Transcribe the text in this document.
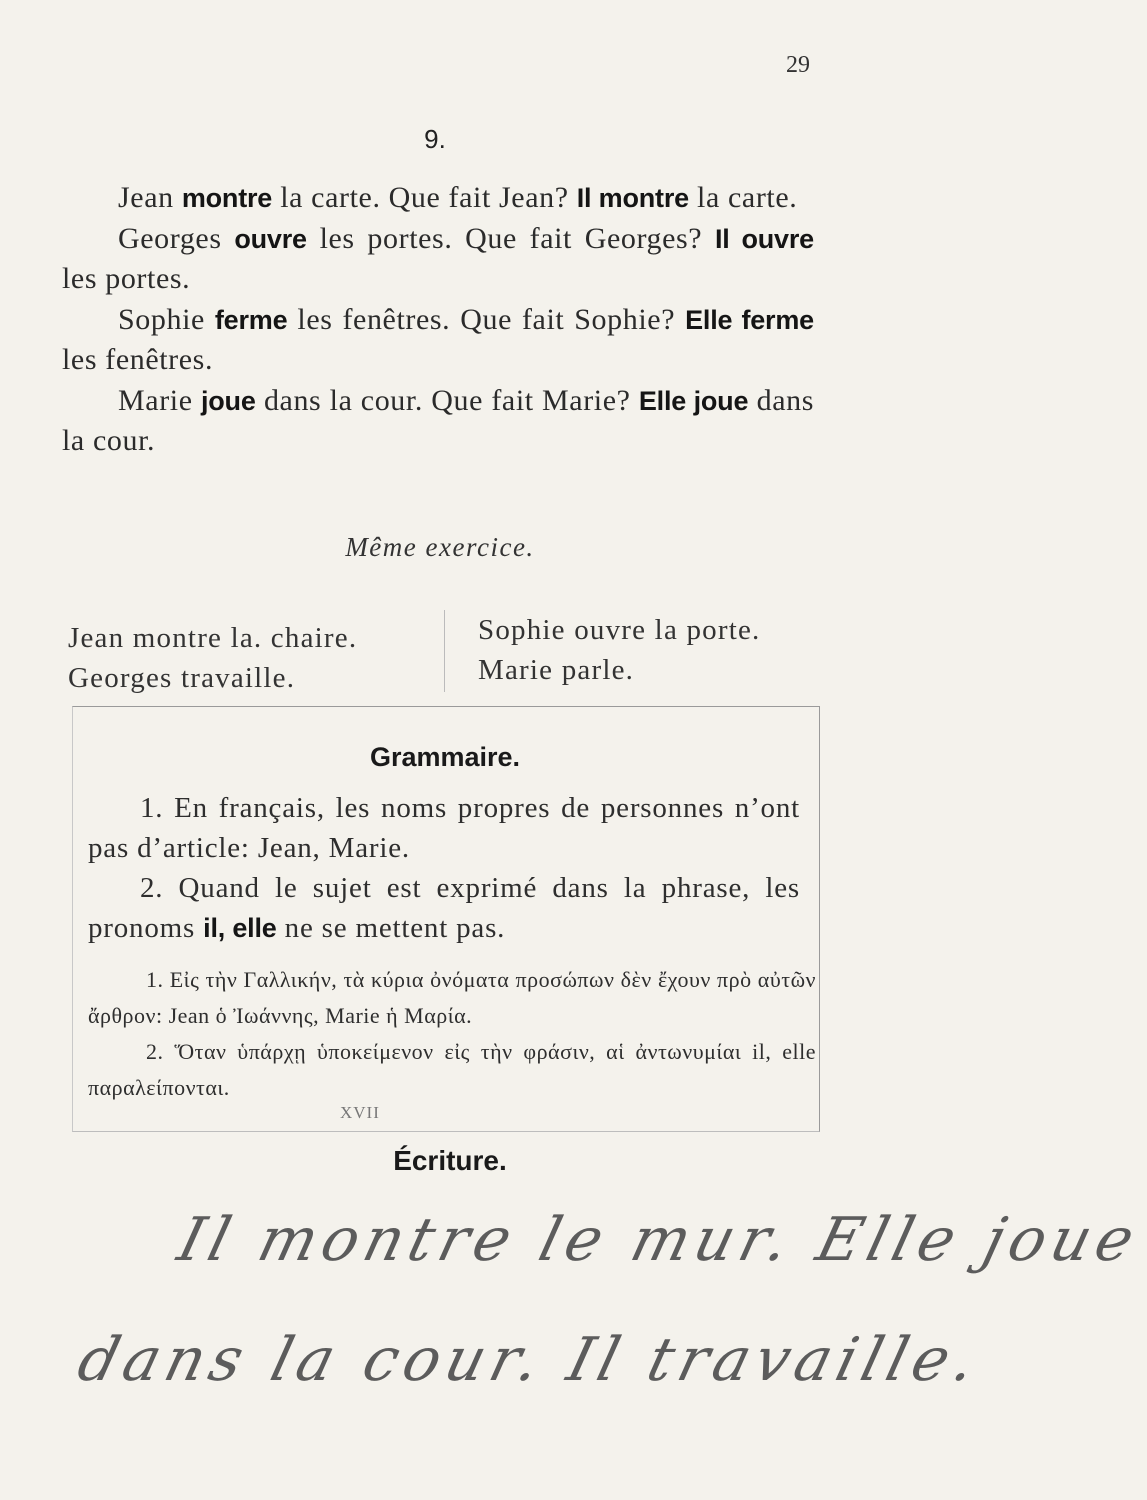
29
9.

Jean montre la carte. Que fait Jean? Il montre la carte.

Georges ouvre les portes. Que fait Georges? Il ouvre les portes.

Sophie ferme les fenêtres. Que fait Sophie? Elle ferme les fenêtres.

Marie joue dans la cour. Que fait Marie? Elle joue dans la cour.

Même exercice.
Jean montre la. chaire.
Georges travaille.
Sophie ouvre la porte.
Marie parle.
Grammaire.

1. En français, les noms propres de personnes n’ont pas d’article: Jean, Marie.

2. Quand le sujet est exprimé dans la phrase, les pronoms il, elle ne se mettent pas.

1. Εἰς τὴν Γαλλικήν, τὰ κύρια ὀνόματα προσώπων δὲν ἔχουν πρὸ αὐτῶν ἄρθρον: Jean ὁ Ἰωάννης, Marie ἡ Μαρία.

2. Ὅταν ὑπάρχῃ ὑποκείμενον εἰς τὴν φράσιν, αἱ ἀντωνυμίαι il, elle παραλείπονται.

XVII
Écriture.
Il montre le mur. Elle joue
dans la cour. Il travaille.
